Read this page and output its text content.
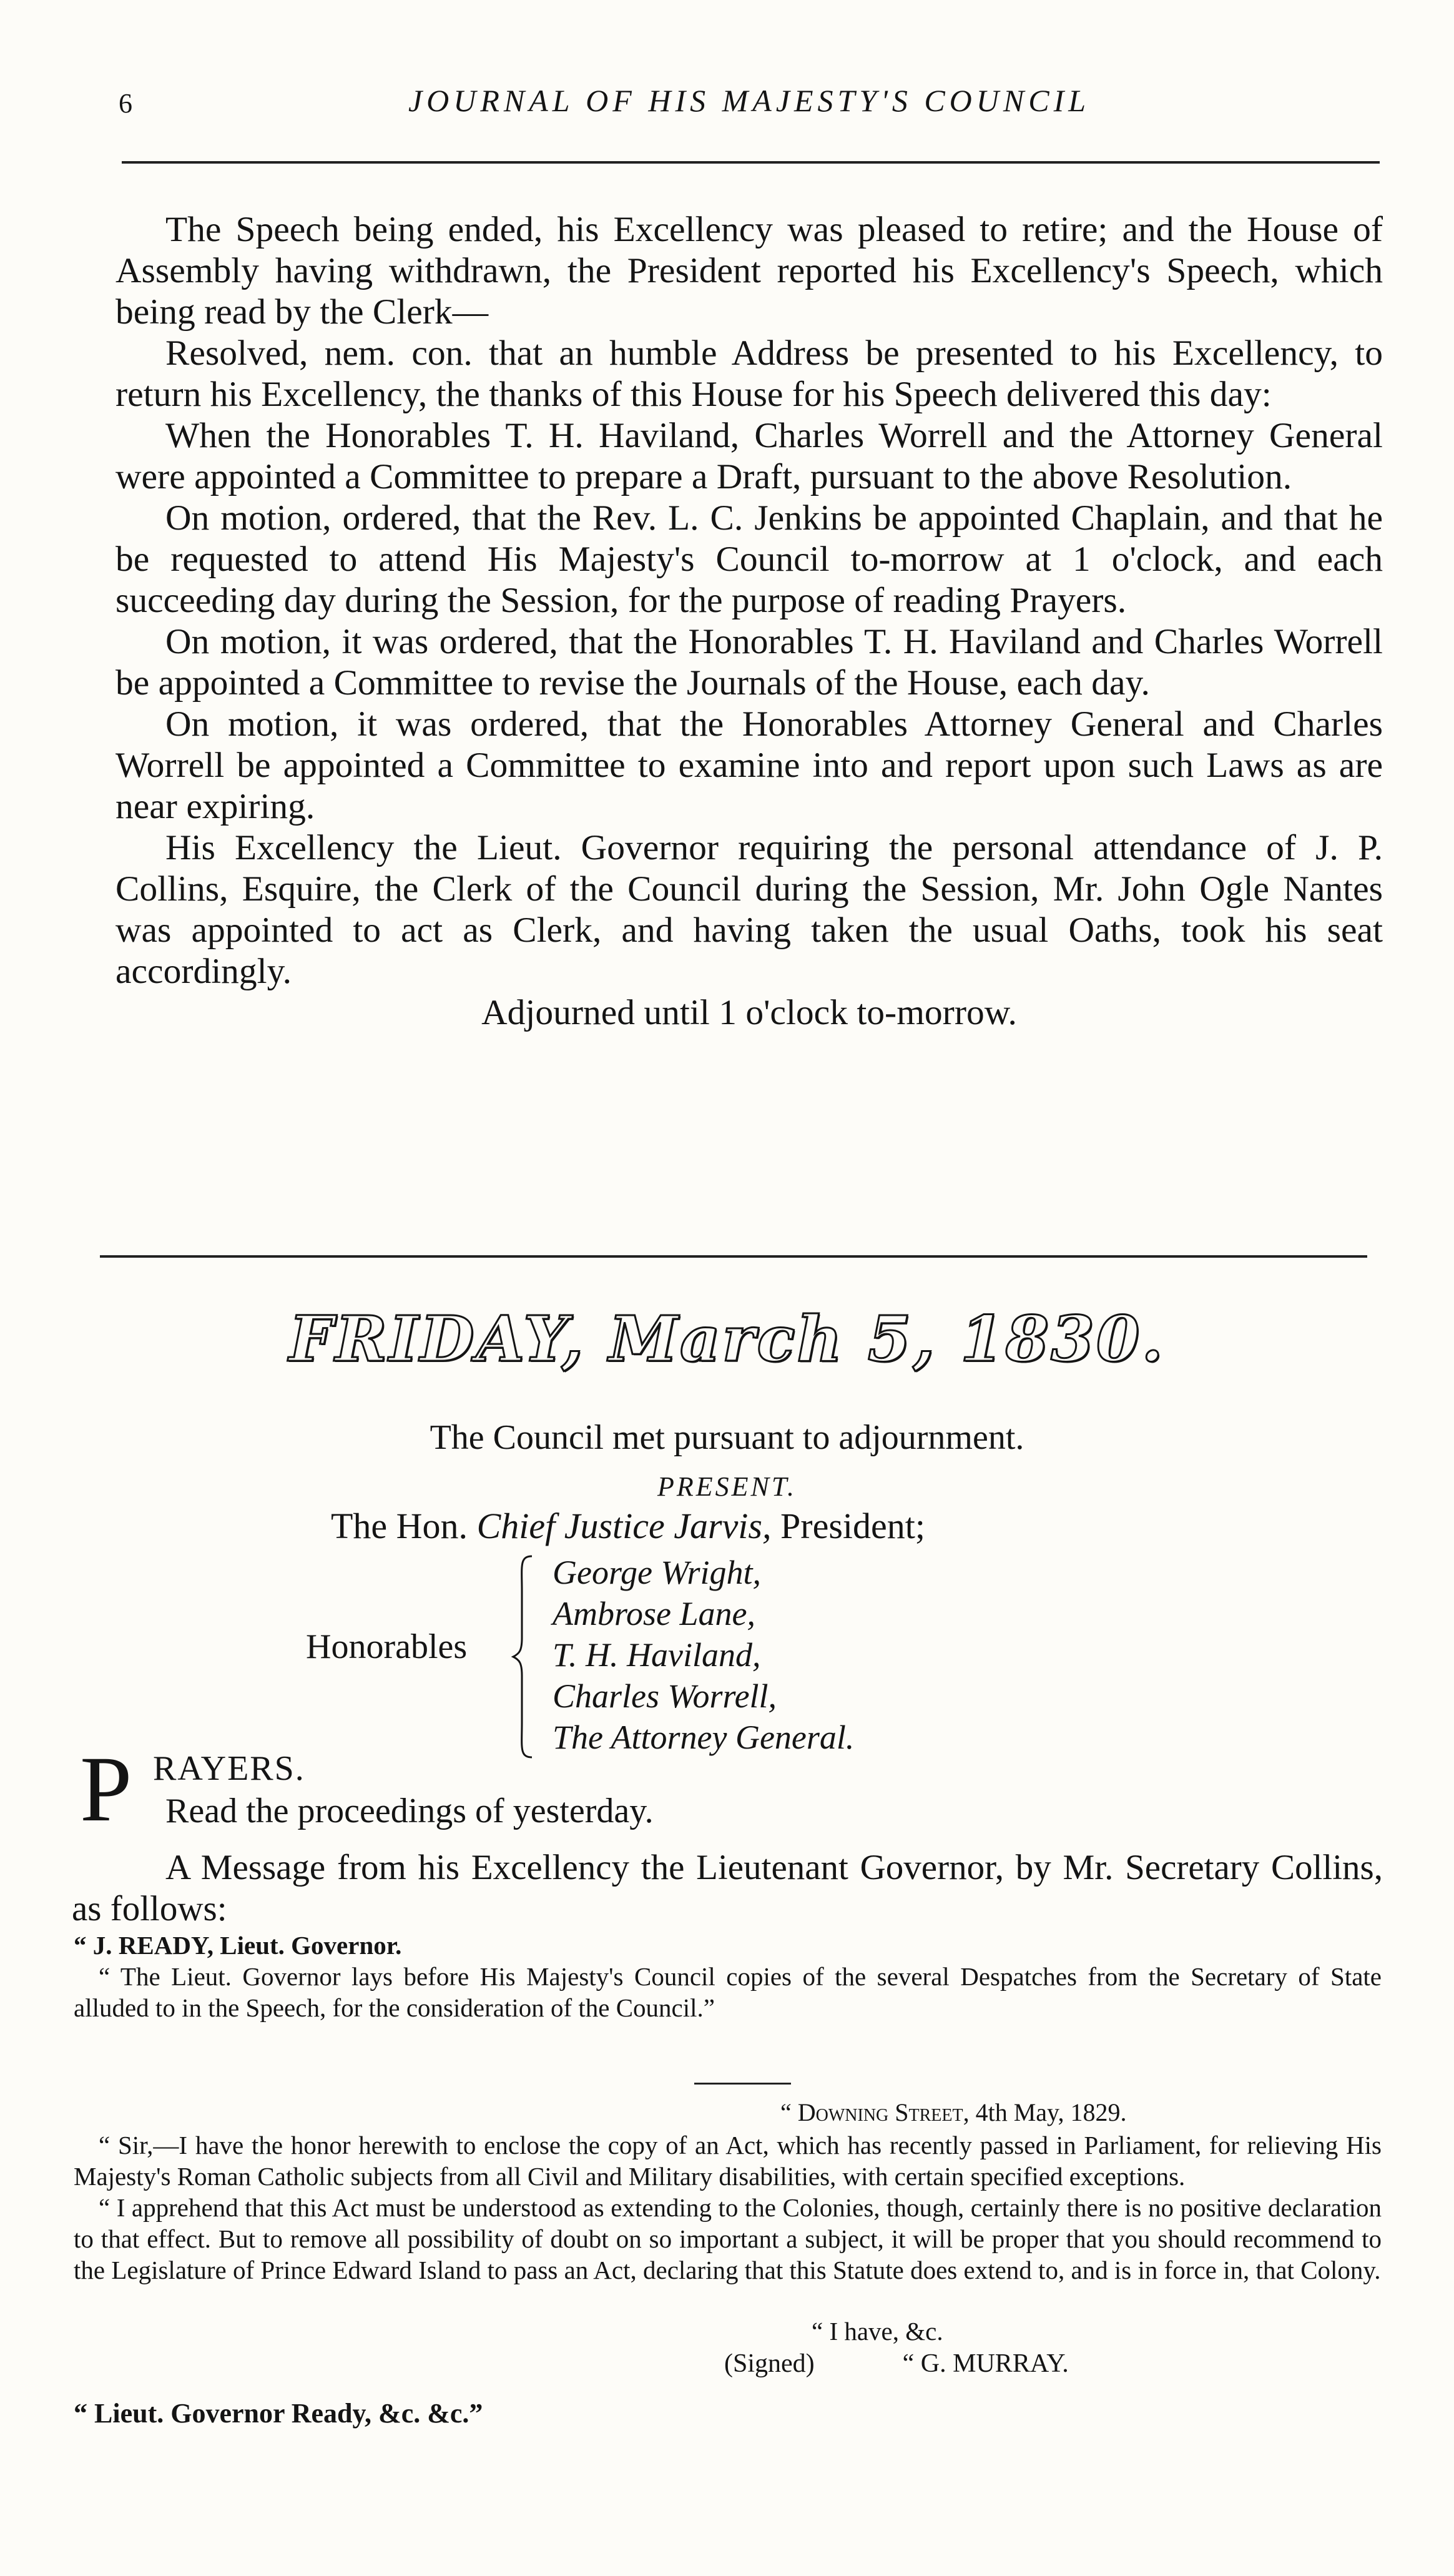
6	JOURNAL OF HIS MAJESTY'S COUNCIL

The Speech being ended, his Excellency was pleased to retire; and the House of Assembly having withdrawn, the President reported his Excellency's Speech, which being read by the Clerk—

Resolved, nem. con. that an humble Address be presented to his Excellency, to return his Excellency, the thanks of this House for his Speech delivered this day:

When the Honorables T. H. Haviland, Charles Worrell and the Attorney General were appointed a Committee to prepare a Draft, pursuant to the above Resolution.

On motion, ordered, that the Rev. L. C. Jenkins be appointed Chaplain, and that he be requested to attend His Majesty's Council to-morrow at 1 o'clock, and each succeeding day during the Session, for the purpose of reading Prayers.

On motion, it was ordered, that the Honorables T. H. Haviland and Charles Worrell be appointed a Committee to revise the Journals of the House, each day.

On motion, it was ordered, that the Honorables Attorney General and Charles Worrell be appointed a Committee to examine into and report upon such Laws as are near expiring.

His Excellency the Lieut. Governor requiring the personal attendance of J. P. Collins, Esquire, the Clerk of the Council during the Session, Mr. John Ogle Nantes was appointed to act as Clerk, and having taken the usual Oaths, took his seat accordingly.

Adjourned until 1 o'clock to-morrow.

FRIDAY, March 5, 1830.
The Council met pursuant to adjournment.
PRESENT.
The Hon. Chief Justice Jarvis, President;
Honorables
George Wright,
Ambrose Lane,
T. H. Haviland,
Charles Worrell,
The Attorney General.
P RAYERS.
Read the proceedings of yesterday.

A Message from his Excellency the Lieutenant Governor, by Mr. Secretary Collins, as follows:

“ J. READY, Lieut. Governor.

“ The Lieut. Governor lays before His Majesty's Council copies of the several Despatches from the Secretary of State alluded to in the Speech, for the consideration of the Council.”

“ Downing Street, 4th May, 1829.

“ Sir,—I have the honor herewith to enclose the copy of an Act, which has recently passed in Parliament, for relieving His Majesty's Roman Catholic subjects from all Civil and Military disabilities, with certain specified exceptions.

“ I apprehend that this Act must be understood as extending to the Colonies, though, certainly there is no positive declaration to that effect. But to remove all possibility of doubt on so important a subject, it will be proper that you should recommend to the Legislature of Prince Edward Island to pass an Act, declaring that this Statute does extend to, and is in force in, that Colony.

“ I have, &c.
(Signed)	“ G. MURRAY.
“ Lieut. Governor Ready, &c. &c.”
